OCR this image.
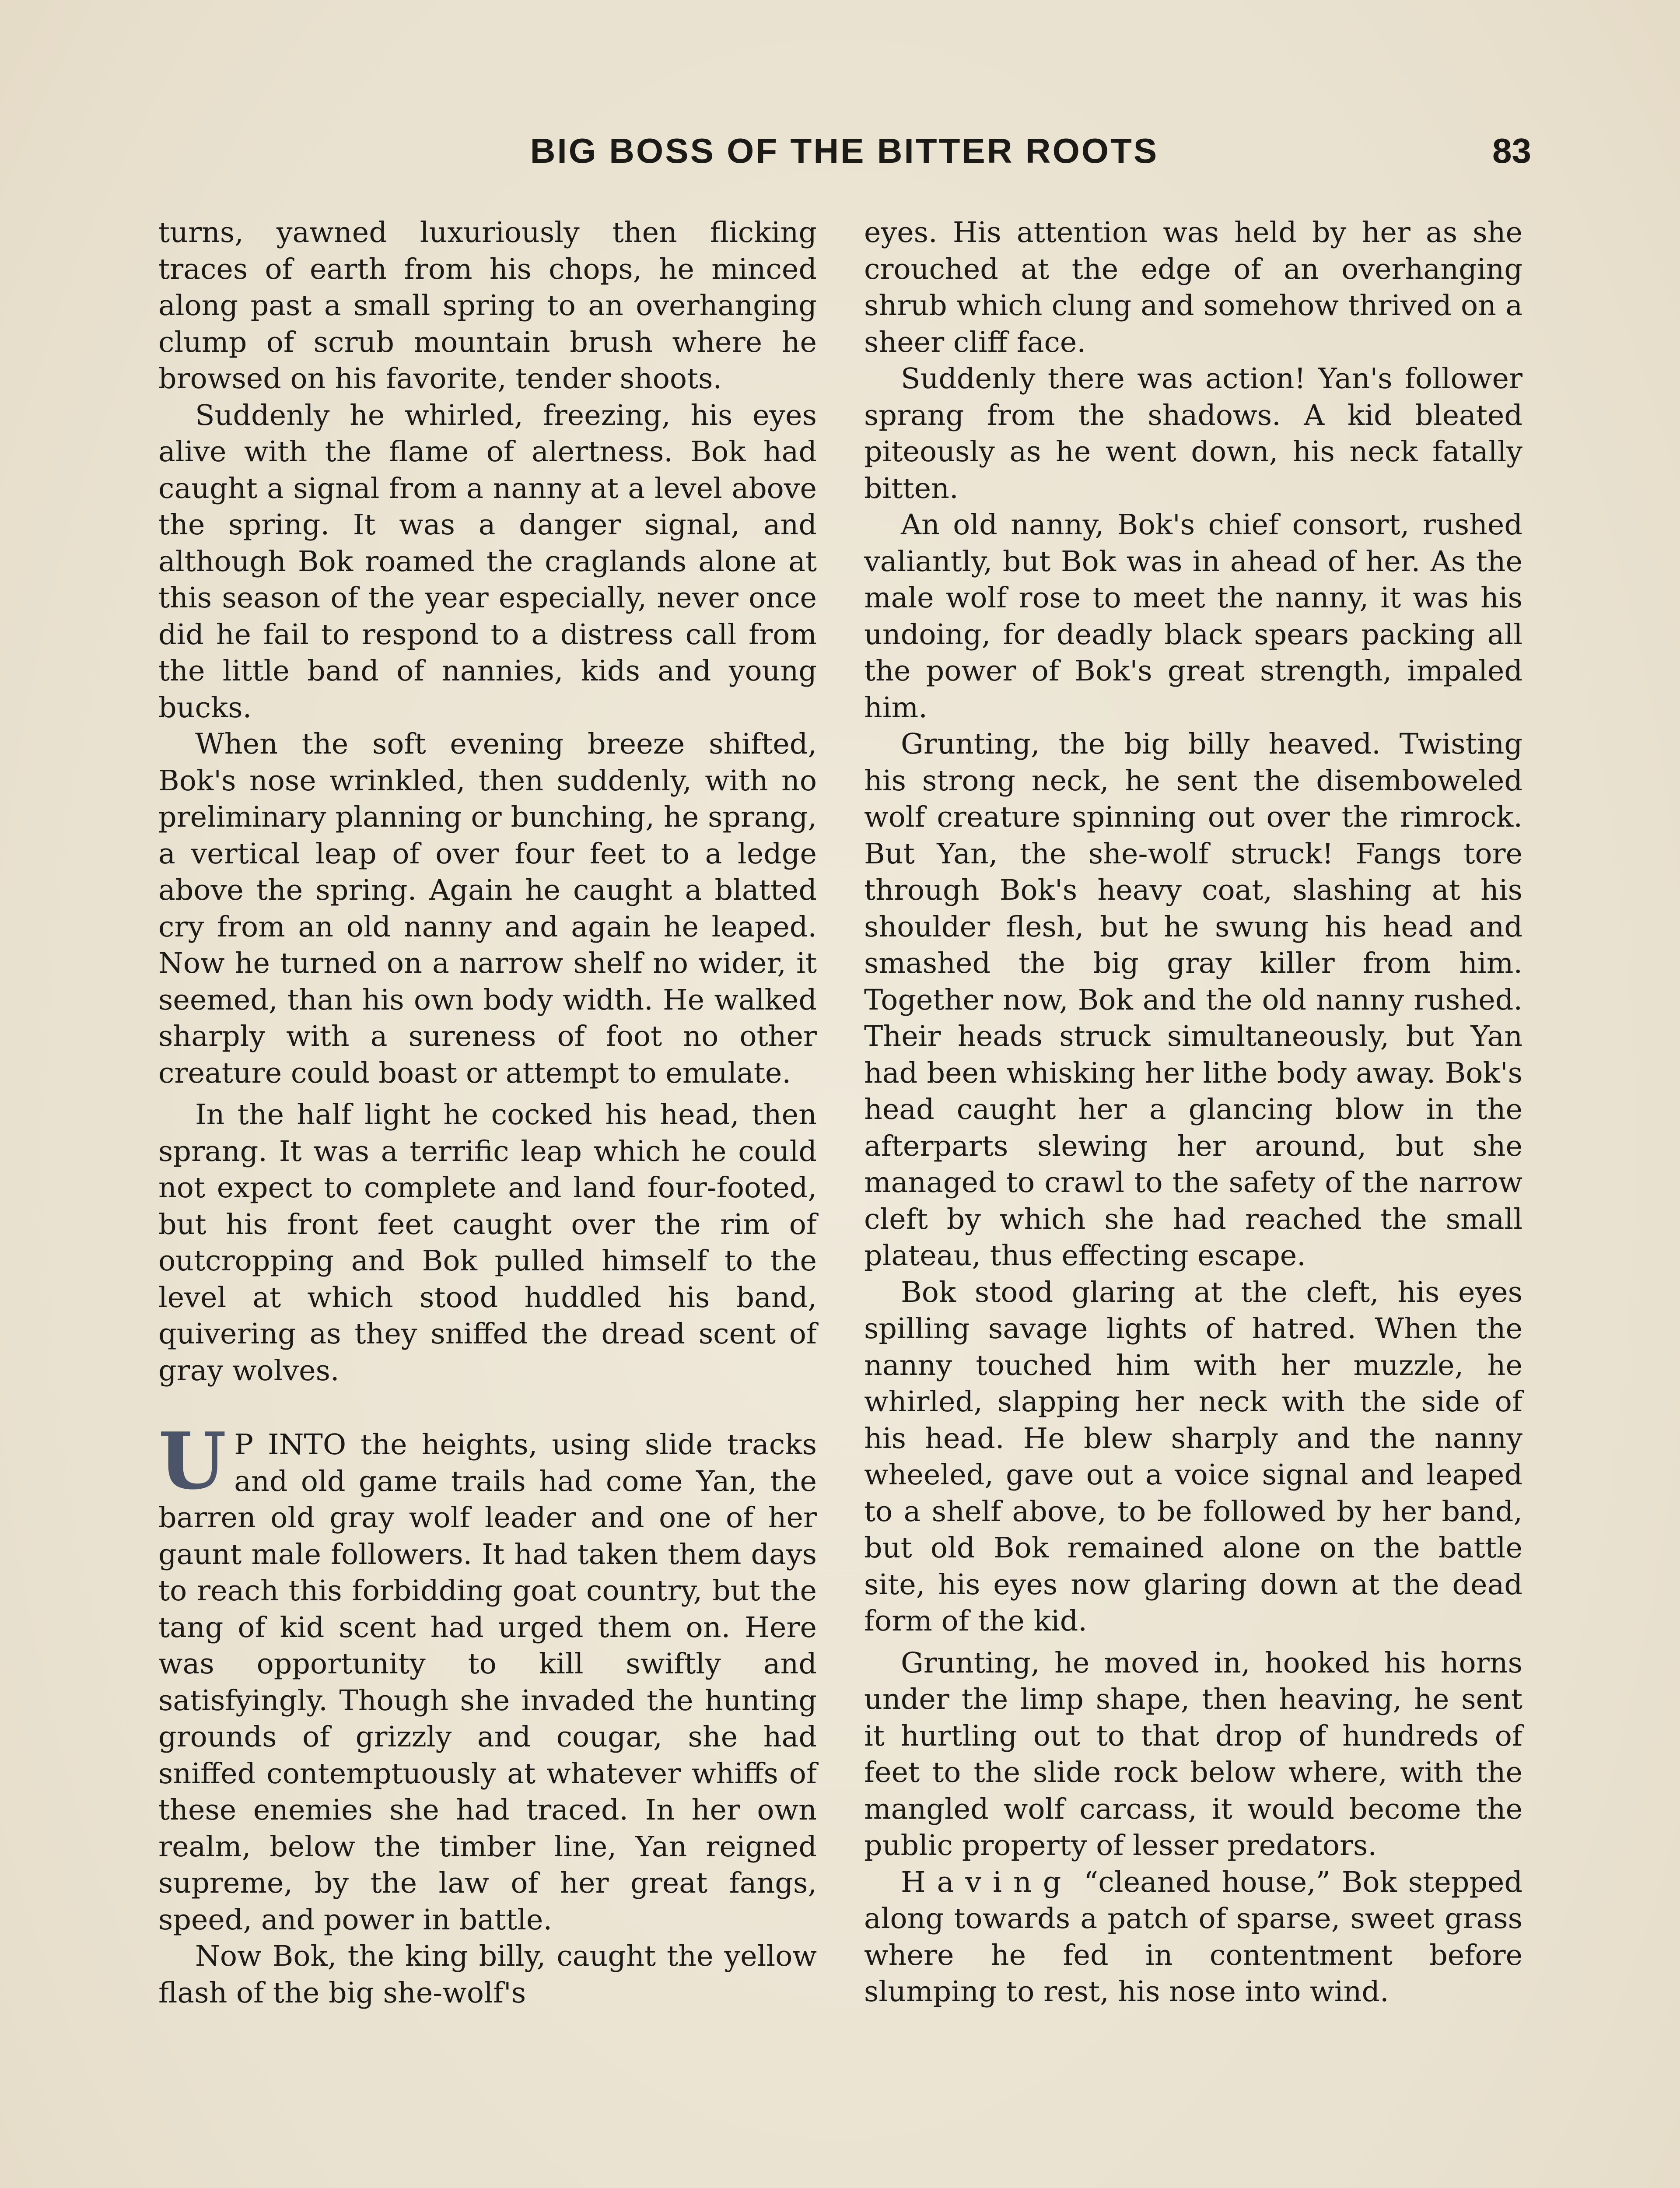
BIG BOSS OF THE BITTER ROOTS	83

turns, yawned luxuriously then flicking traces of earth from his chops, he minced along past a small spring to an overhanging clump of scrub mountain brush where he browsed on his favorite, tender shoots.

Suddenly he whirled, freezing, his eyes alive with the flame of alertness. Bok had caught a signal from a nanny at a level above the spring. It was a danger signal, and although Bok roamed the craglands alone at this season of the year especially, never once did he fail to respond to a distress call from the little band of nannies, kids and young bucks.

When the soft evening breeze shifted, Bok's nose wrinkled, then suddenly, with no preliminary planning or bunching, he sprang, a vertical leap of over four feet to a ledge above the spring. Again he caught a blatted cry from an old nanny and again he leaped. Now he turned on a narrow shelf no wider, it seemed, than his own body width. He walked sharply with a sureness of foot no other creature could boast or attempt to emulate.

In the half light he cocked his head, then sprang. It was a terrific leap which he could not expect to complete and land four-footed, but his front feet caught over the rim of outcropping and Bok pulled himself to the level at which stood huddled his band, quivering as they sniffed the dread scent of gray wolves.

U P INTO the heights, using slide tracks and old game trails had come Yan, the barren old gray wolf leader and one of her gaunt male followers. It had taken them days to reach this forbidding goat country, but the tang of kid scent had urged them on. Here was opportunity to kill swiftly and satisfyingly. Though she invaded the hunting grounds of grizzly and cougar, she had sniffed contemptuously at whatever whiffs of these enemies she had traced. In her own realm, below the timber line, Yan reigned supreme, by the law of her great fangs, speed, and power in battle.

Now Bok, the king billy, caught the yellow flash of the big she-wolf's

eyes. His attention was held by her as she crouched at the edge of an overhanging shrub which clung and somehow thrived on a sheer cliff face.

Suddenly there was action! Yan's follower sprang from the shadows. A kid bleated piteously as he went down, his neck fatally bitten.

An old nanny, Bok's chief consort, rushed valiantly, but Bok was in ahead of her. As the male wolf rose to meet the nanny, it was his undoing, for deadly black spears packing all the power of Bok's great strength, impaled him.

Grunting, the big billy heaved. Twisting his strong neck, he sent the disemboweled wolf creature spinning out over the rimrock. But Yan, the she-wolf struck! Fangs tore through Bok's heavy coat, slashing at his shoulder flesh, but he swung his head and smashed the big gray killer from him. Together now, Bok and the old nanny rushed. Their heads struck simultaneously, but Yan had been whisking her lithe body away. Bok's head caught her a glancing blow in the afterparts slewing her around, but she managed to crawl to the safety of the narrow cleft by which she had reached the small plateau, thus effecting escape.

Bok stood glaring at the cleft, his eyes spilling savage lights of hatred. When the nanny touched him with her muzzle, he whirled, slapping her neck with the side of his head. He blew sharply and the nanny wheeled, gave out a voice signal and leaped to a shelf above, to be followed by her band, but old Bok remained alone on the battle site, his eyes now glaring down at the dead form of the kid.

Grunting, he moved in, hooked his horns under the limp shape, then heaving, he sent it hurtling out to that drop of hundreds of feet to the slide rock below where, with the mangled wolf carcass, it would become the public property of lesser predators.

Having “cleaned house,” Bok stepped along towards a patch of sparse, sweet grass where he fed in contentment before slumping to rest, his nose into wind.
